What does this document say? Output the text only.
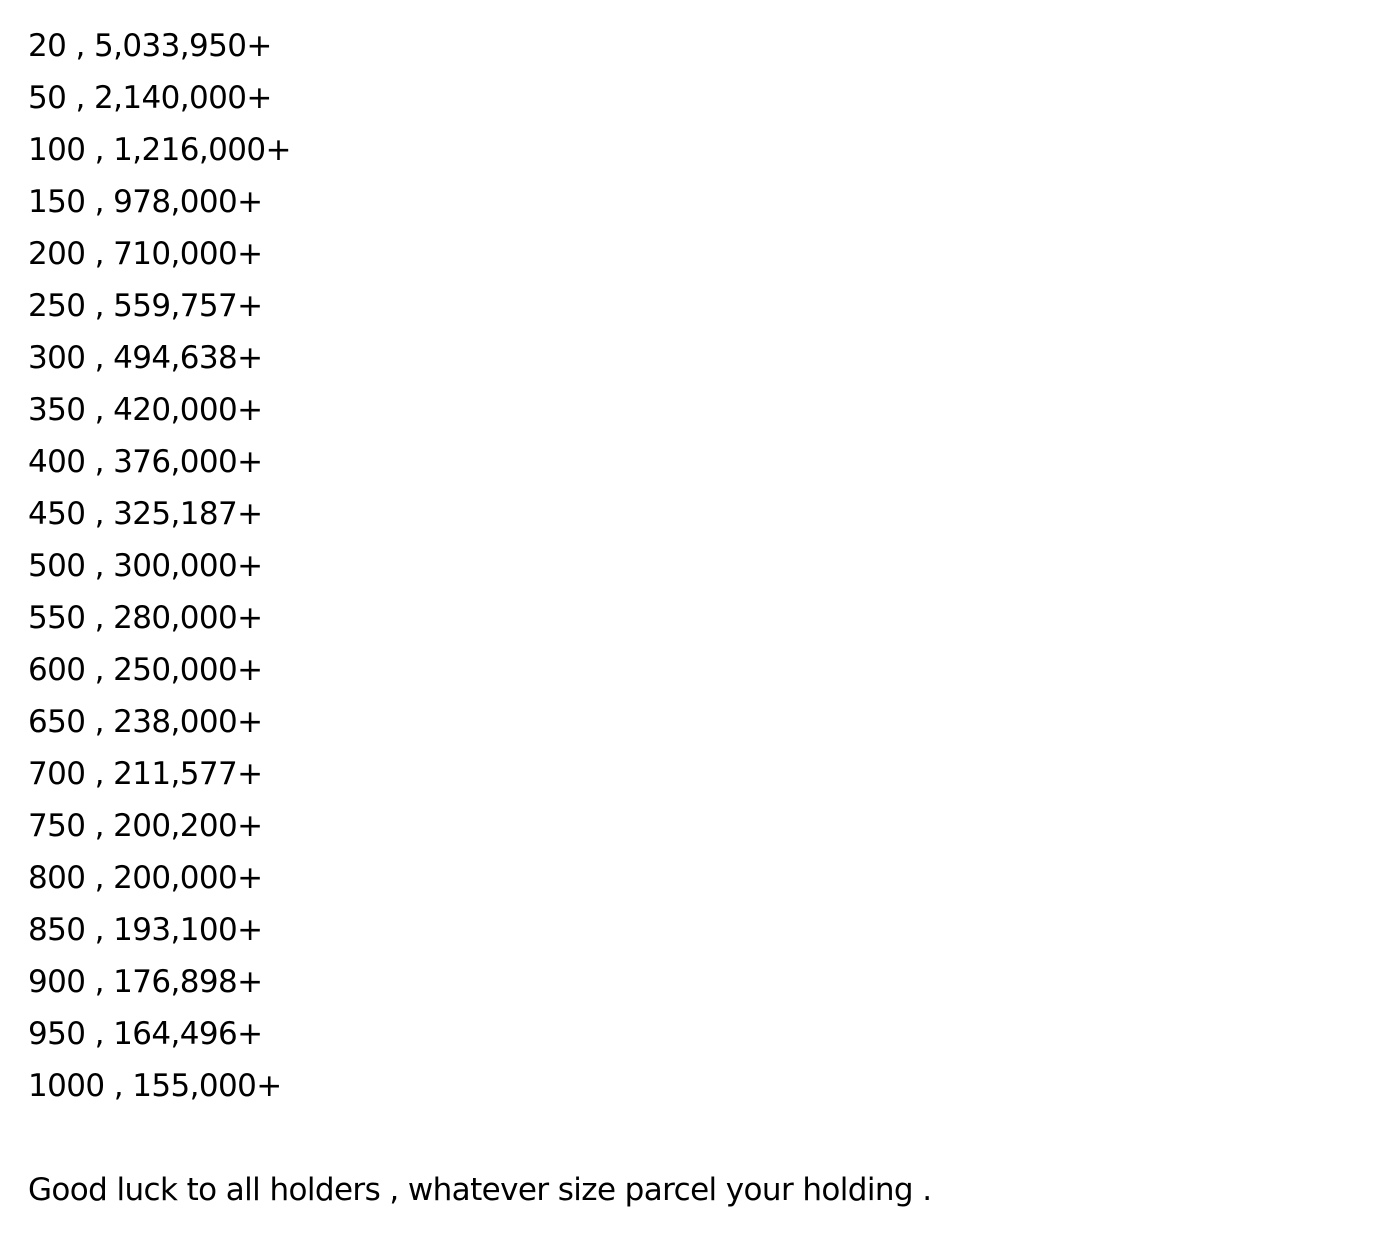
20 , 5,033,950+
50 , 2,140,000+
100 , 1,216,000+
150 , 978,000+
200 , 710,000+
250 , 559,757+
300 , 494,638+
350 , 420,000+
400 , 376,000+
450 , 325,187+
500 , 300,000+
550 , 280,000+
600 , 250,000+
650 , 238,000+
700 , 211,577+
750 , 200,200+
800 , 200,000+
850 , 193,100+
900 , 176,898+
950 , 164,496+
1000 , 155,000+
Good luck to all holders , whatever size parcel your holding .
